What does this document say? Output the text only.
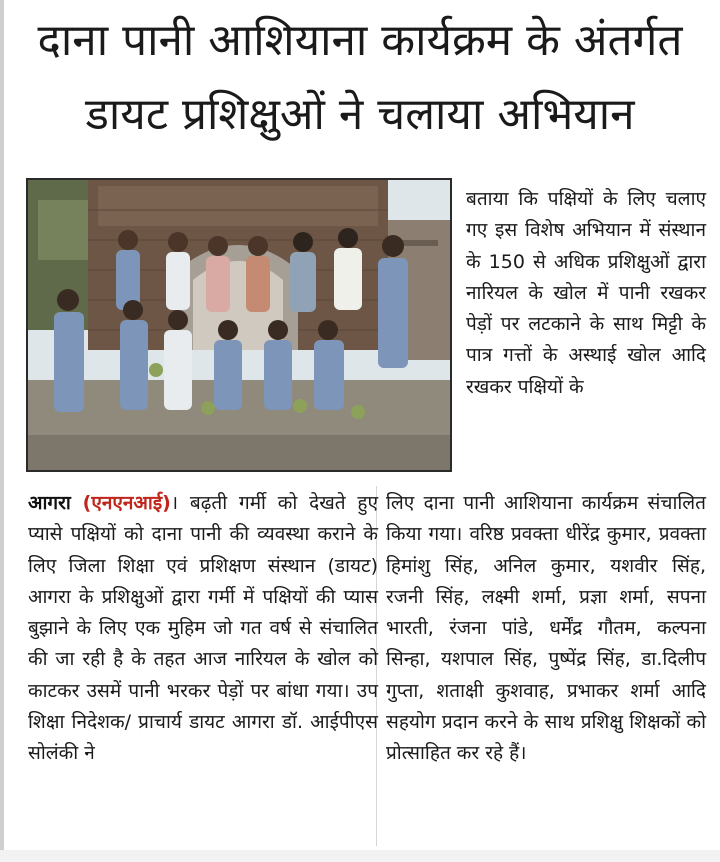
दाना पानी आशियाना कार्यक्रम के अंतर्गत
डायट प्रशिक्षुओं ने चलाया अभियान
बताया कि पक्षियों के लिए चलाए गए इस विशेष अभियान में संस्थान के 150 से अधिक प्रशिक्षुओं द्वारा नारियल के खोल में पानी रखकर पेड़ों पर लटकाने के साथ मिट्टी के पात्र गत्तों के अस्थाई खोल आदि रखकर पक्षियों के
आगरा (एनएनआई)। बढ़ती गर्मी को देखते हुए प्यासे पक्षियों को दाना पानी की व्यवस्था कराने के लिए जिला शिक्षा एवं प्रशिक्षण संस्थान (डायट) आगरा के प्रशिक्षुओं द्वारा गर्मी में पक्षियों की प्यास बुझाने के लिए एक मुहिम जो गत वर्ष से संचालित की जा रही है के तहत आज नारियल के खोल को काटकर उसमें पानी भरकर पेड़ों पर बांधा गया। उप शिक्षा निदेशक/ प्राचार्य डायट आगरा डॉ. आईपीएस सोलंकी ने
लिए दाना पानी आशियाना कार्यक्रम संचालित किया गया। वरिष्ठ प्रवक्ता धीरेंद्र कुमार, प्रवक्ता हिमांशु सिंह, अनिल कुमार, यशवीर सिंह, रजनी सिंह, लक्ष्मी शर्मा, प्रज्ञा शर्मा, सपना भारती, रंजना पांडे, धर्मेंद्र गौतम, कल्पना सिन्हा, यशपाल सिंह, पुष्पेंद्र सिंह, डा.दिलीप गुप्ता, शताक्षी कुशवाह, प्रभाकर शर्मा आदि सहयोग प्रदान करने के साथ प्रशिक्षु शिक्षकों को प्रोत्साहित कर रहे हैं।
